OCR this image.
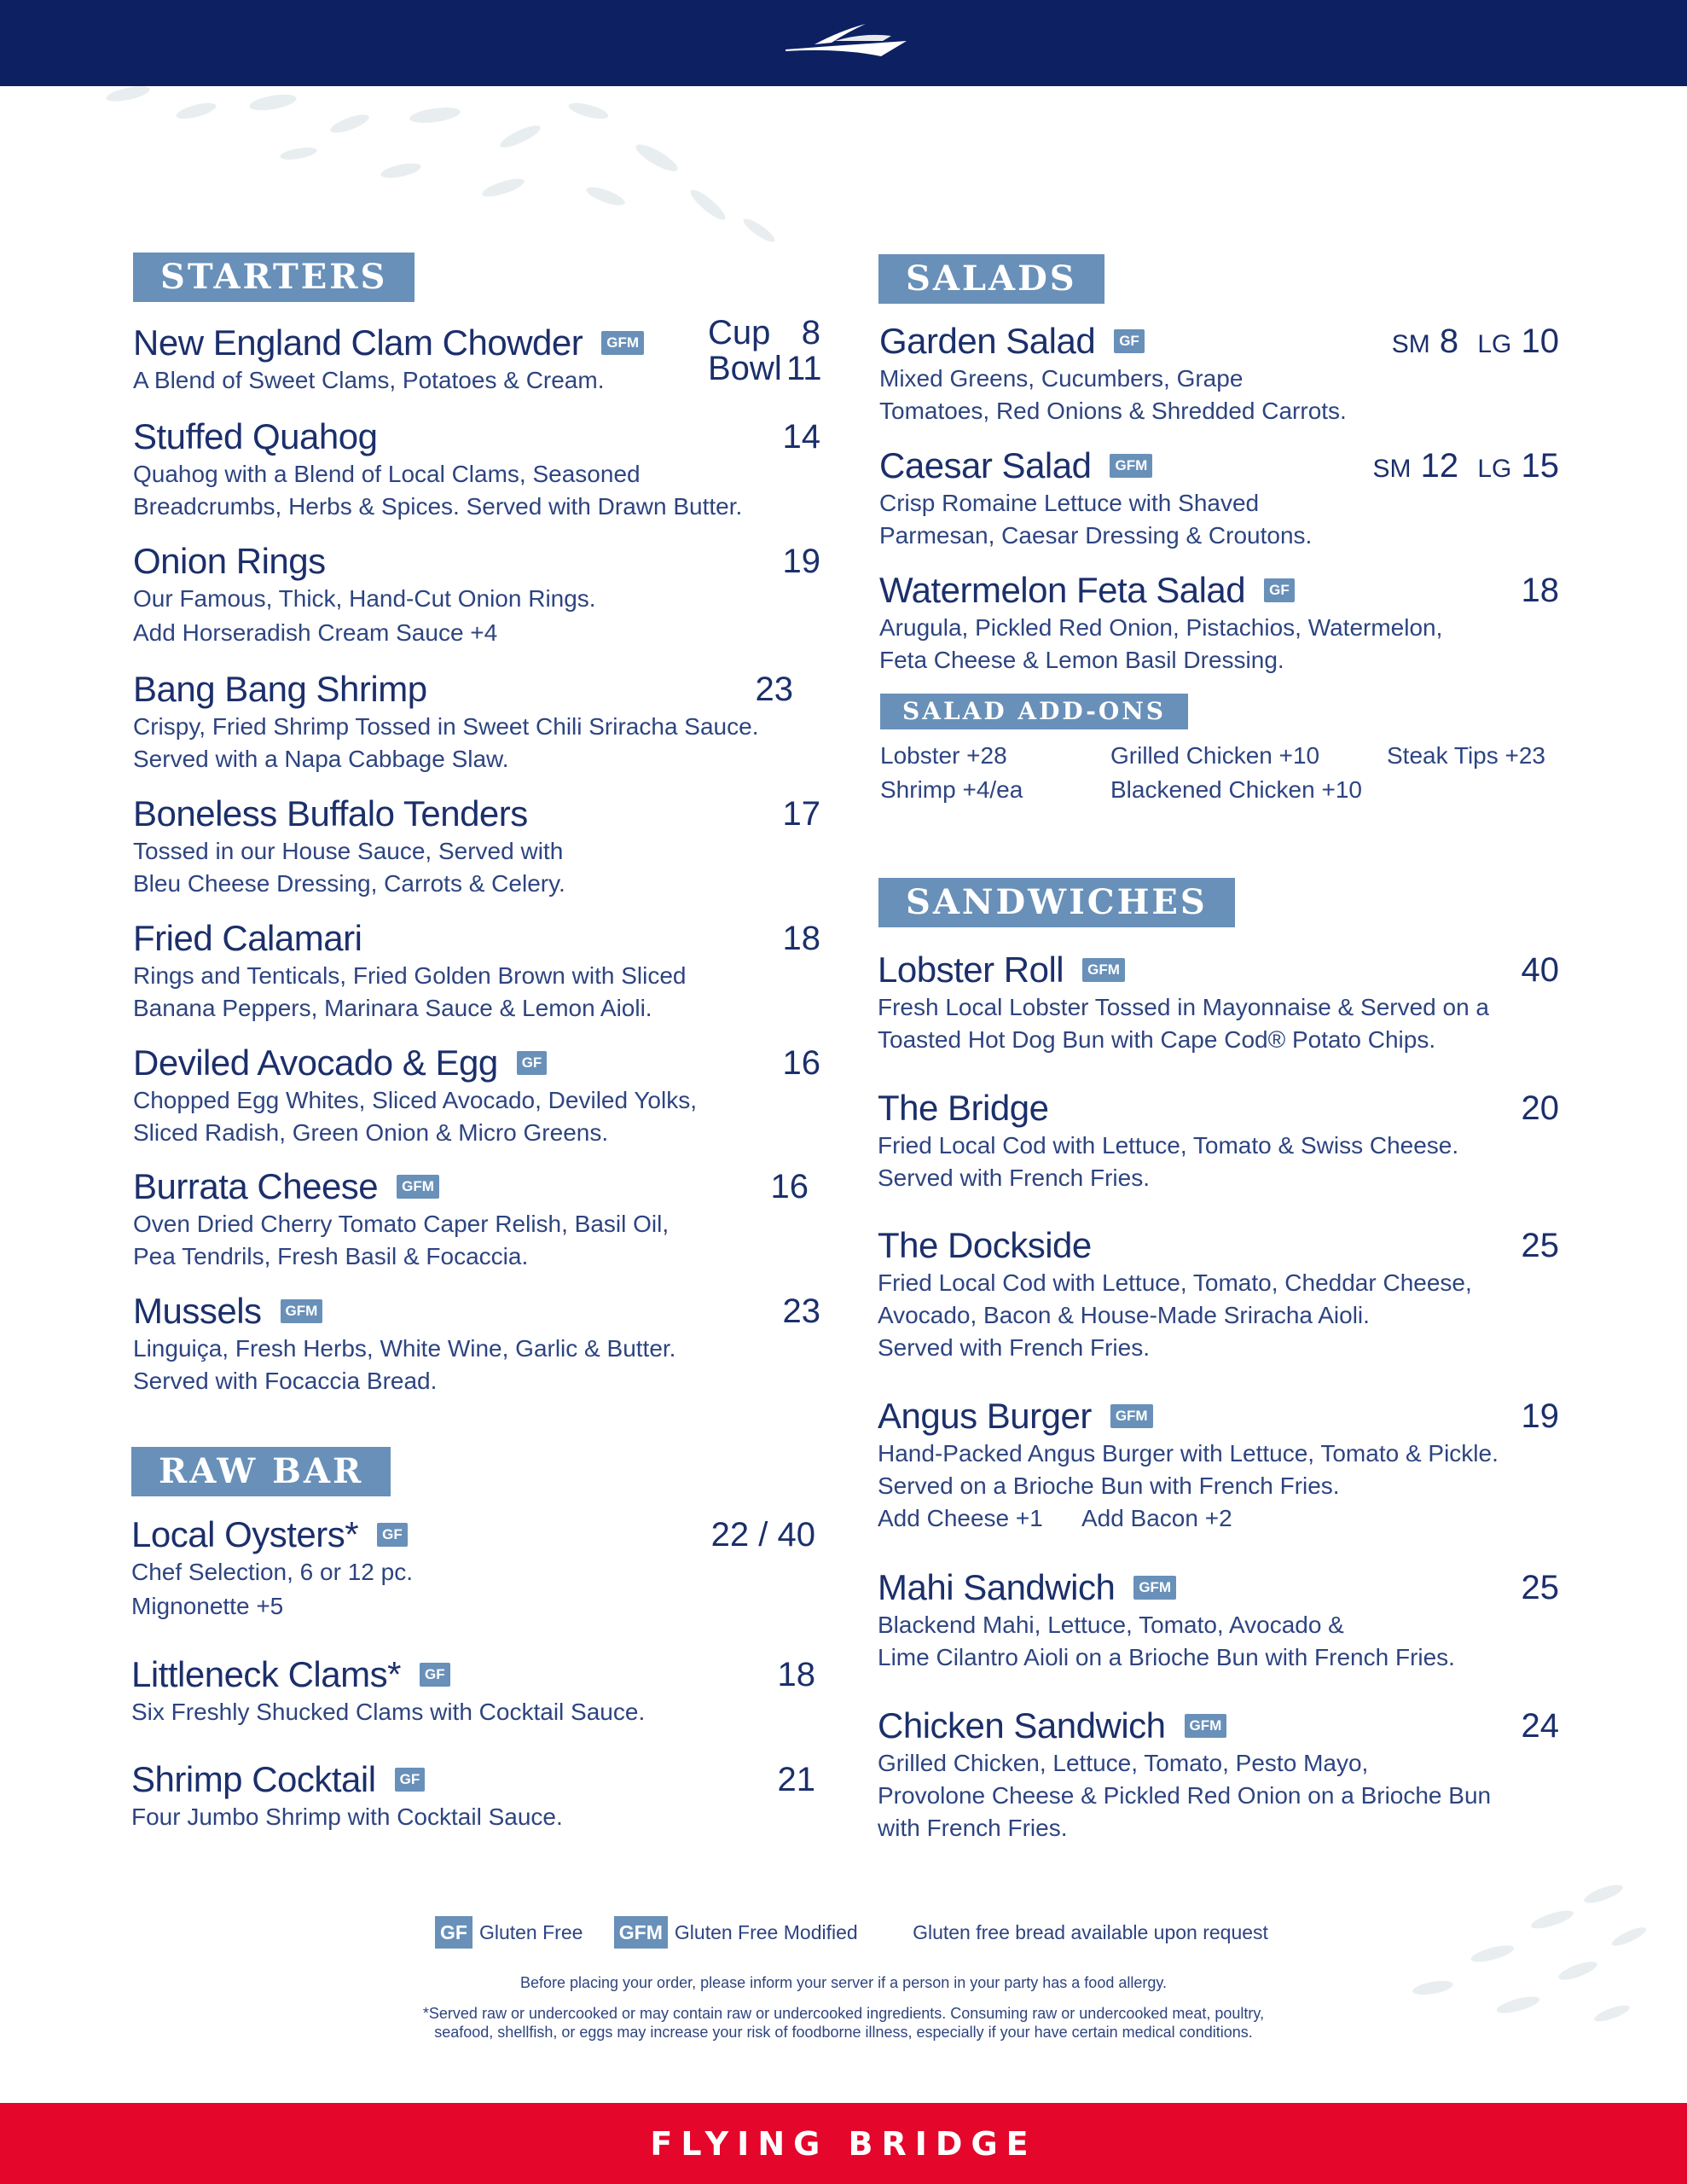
STARTERS
New England Clam Chowder GFM Cup 8
Bowl 11
A Blend of Sweet Clams, Potatoes & Cream.
Stuffed Quahog	14
Quahog with a Blend of Local Clams, Seasoned
Breadcrumbs, Herbs & Spices. Served with Drawn Butter.
Onion Rings	19
Our Famous, Thick, Hand-Cut Onion Rings.
Add Horseradish Cream Sauce +4
Bang Bang Shrimp	23
Crispy, Fried Shrimp Tossed in Sweet Chili Sriracha Sauce.
Served with a Napa Cabbage Slaw.
Boneless Buffalo Tenders	17
Tossed in our House Sauce, Served with
Bleu Cheese Dressing, Carrots & Celery.
Fried Calamari	18
Rings and Tenticals, Fried Golden Brown with Sliced
Banana Peppers, Marinara Sauce & Lemon Aioli.
Deviled Avocado & Egg GF	16
Chopped Egg Whites, Sliced Avocado, Deviled Yolks,
Sliced Radish, Green Onion & Micro Greens.
Burrata Cheese GFM	16
Oven Dried Cherry Tomato Caper Relish, Basil Oil,
Pea Tendrils, Fresh Basil & Focaccia.
Mussels GFM	23
Linguiça, Fresh Herbs, White Wine, Garlic & Butter.
Served with Focaccia Bread.
RAW BAR
Local Oysters* GF	22 / 40
Chef Selection, 6 or 12 pc.
Mignonette +5
Littleneck Clams* GF	18
Six Freshly Shucked Clams with Cocktail Sauce.
Shrimp Cocktail GF	21
Four Jumbo Shrimp with Cocktail Sauce.
SALADS
Garden Salad GF	SM 8 LG 10
Mixed Greens, Cucumbers, Grape
Tomatoes, Red Onions & Shredded Carrots.
Caesar Salad GFM	SM 12 LG 15
Crisp Romaine Lettuce with Shaved
Parmesan, Caesar Dressing & Croutons.
Watermelon Feta Salad GF	18
Arugula, Pickled Red Onion, Pistachios, Watermelon,
Feta Cheese & Lemon Basil Dressing.
SALAD ADD-ONS
Lobster +28	Grilled Chicken +10	Steak Tips +23
Shrimp +4/ea	Blackened Chicken +10
SANDWICHES
Lobster Roll GFM	40
Fresh Local Lobster Tossed in Mayonnaise & Served on a
Toasted Hot Dog Bun with Cape Cod® Potato Chips.
The Bridge	20
Fried Local Cod with Lettuce, Tomato & Swiss Cheese.
Served with French Fries.
The Dockside	25
Fried Local Cod with Lettuce, Tomato, Cheddar Cheese,
Avocado, Bacon & House-Made Sriracha Aioli.
Served with French Fries.
Angus Burger GFM	19
Hand-Packed Angus Burger with Lettuce, Tomato & Pickle.
Served on a Brioche Bun with French Fries.
Add Cheese +1      Add Bacon +2
Mahi Sandwich GFM	25
Blackend Mahi, Lettuce, Tomato, Avocado &
Lime Cilantro Aioli on a Brioche Bun with French Fries.
Chicken Sandwich GFM	24
Grilled Chicken, Lettuce, Tomato, Pesto Mayo,
Provolone Cheese & Pickled Red Onion on a Brioche Bun
with French Fries.
GF Gluten Free GFM Gluten Free Modified	Gluten free bread available upon request
Before placing your order, please inform your server if a person in your party has a food allergy.
*Served raw or undercooked or may contain raw or undercooked ingredients. Consuming raw or undercooked meat, poultry,
seafood, shellfish, or eggs may increase your risk of foodborne illness, especially if your have certain medical conditions.
FLYING BRIDGE
